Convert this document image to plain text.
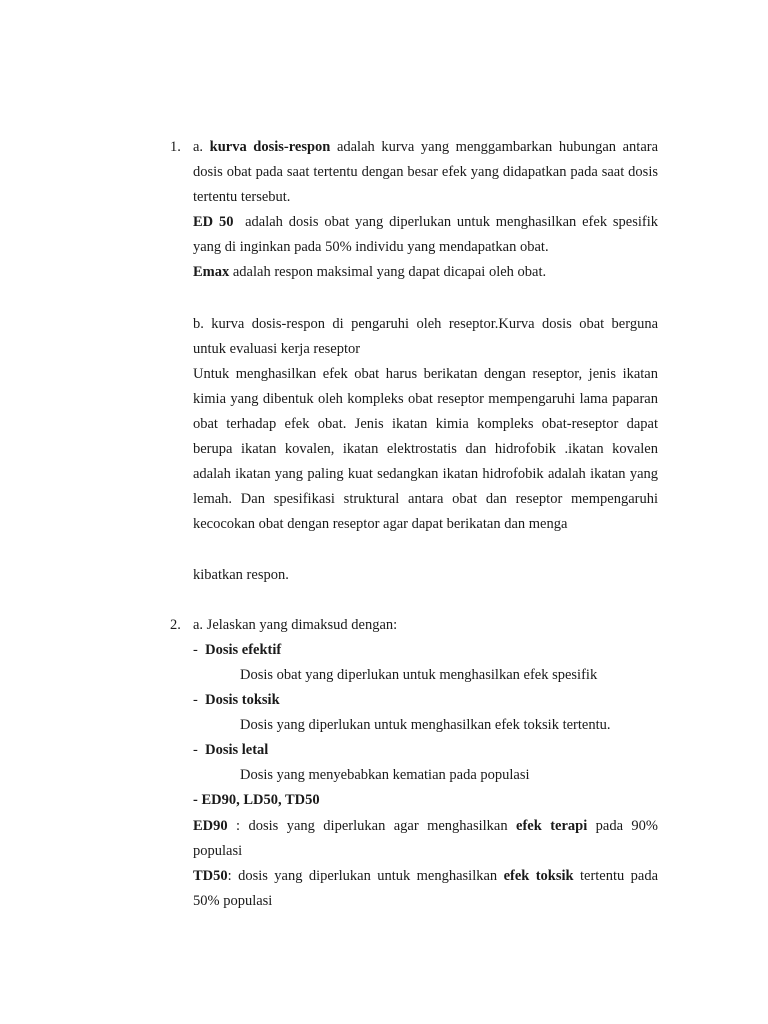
1. a. kurva dosis-respon adalah kurva yang menggambarkan hubungan antara dosis obat pada saat tertentu dengan besar efek yang didapatkan pada saat dosis tertentu tersebut.
ED 50 adalah dosis obat yang diperlukan untuk menghasilkan efek spesifik yang di inginkan pada 50% individu yang mendapatkan obat.
Emax adalah respon maksimal yang dapat dicapai oleh obat.
b. kurva dosis-respon di pengaruhi oleh reseptor.Kurva dosis obat berguna untuk evaluasi kerja reseptor
Untuk menghasilkan efek obat harus berikatan dengan reseptor, jenis ikatan kimia yang dibentuk oleh kompleks obat reseptor mempengaruhi lama paparan obat terhadap efek obat. Jenis ikatan kimia kompleks obat-reseptor dapat berupa ikatan kovalen, ikatan elektrostatis dan hidrofobik .ikatan kovalen adalah ikatan yang paling kuat sedangkan ikatan hidrofobik adalah ikatan yang lemah. Dan spesifikasi struktural antara obat dan reseptor mempengaruhi kecocokan obat dengan reseptor agar dapat berikatan dan menga
kibatkan respon.
2. a. Jelaskan yang dimaksud dengan:
- Dosis efektif
Dosis obat yang diperlukan untuk menghasilkan efek spesifik
- Dosis toksik
Dosis yang diperlukan untuk menghasilkan efek toksik tertentu.
- Dosis letal
Dosis yang menyebabkan kematian pada populasi
- ED90, LD50, TD50
ED90 : dosis yang diperlukan agar menghasilkan efek terapi pada 90% populasi
TD50: dosis yang diperlukan untuk menghasilkan efek toksik tertentu pada 50% populasi
